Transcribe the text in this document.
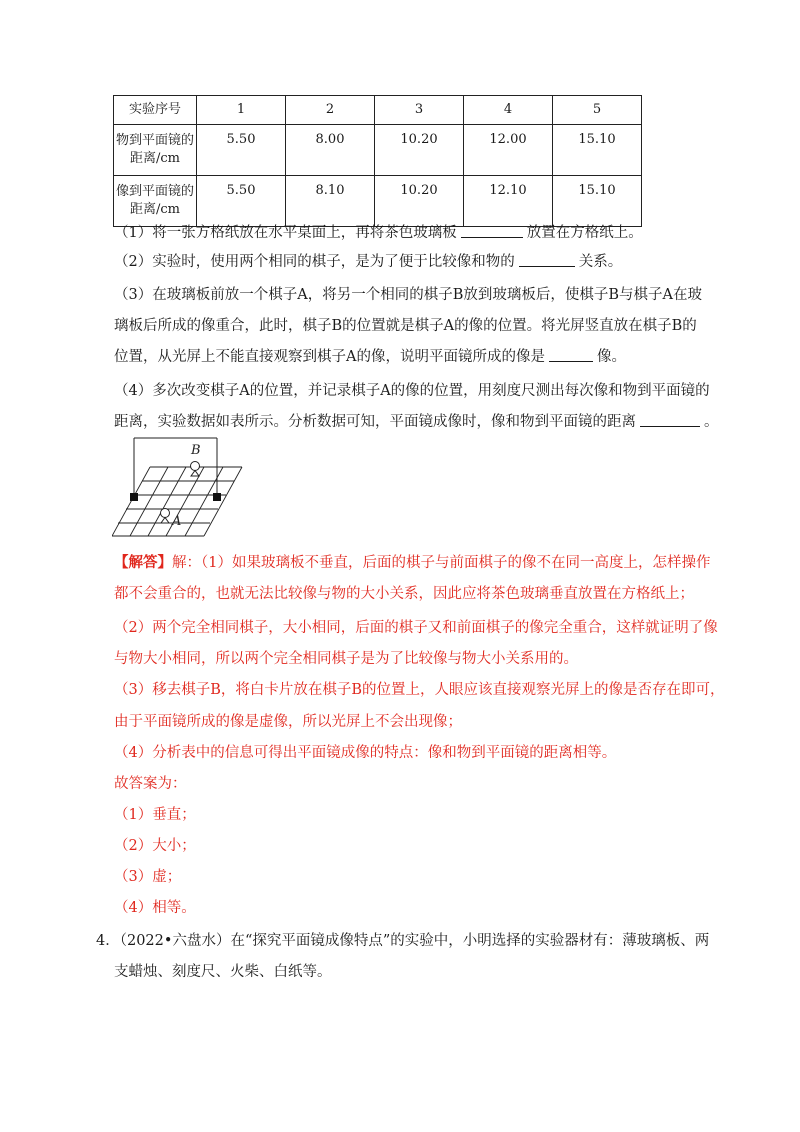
实验序号	1	2	3	4	5

物到平面镜的
距离/cm	5.50	8.00	10.20	12.00	15.10

像到平面镜的
距离/cm	5.50	8.10	10.20	12.10	15.10
（1）将一张方格纸放在水平桌面上，再将茶色玻璃板	放置在方格纸上。
（2）实验时，使用两个相同的棋子，是为了便于比较像和物的	关系。
（3）在玻璃板前放一个棋子A，将另一个相同的棋子B放到玻璃板后，使棋子B与棋子A在玻
璃板后所成的像重合，此时，棋子B的位置就是棋子A的像的位置。将光屏竖直放在棋子B的
位置，从光屏上不能直接观察到棋子A的像，说明平面镜所成的像是	像。
（4）多次改变棋子A的位置，并记录棋子A的像的位置，用刻度尺测出每次像和物到平面镜的
距离，实验数据如表所示。分析数据可知，平面镜成像时，像和物到平面镜的距离	。
B
A
【解答】解：（1）如果玻璃板不垂直，后面的棋子与前面棋子的像不在同一高度上，怎样操作
都不会重合的，也就无法比较像与物的大小关系，因此应将茶色玻璃垂直放置在方格纸上；
（2）两个完全相同棋子，大小相同，后面的棋子又和前面棋子的像完全重合，这样就证明了像
与物大小相同，所以两个完全相同棋子是为了比较像与物大小关系用的。
（3）移去棋子B，将白卡片放在棋子B的位置上，人眼应该直接观察光屏上的像是否存在即可，
由于平面镜所成的像是虚像，所以光屏上不会出现像；
（4）分析表中的信息可得出平面镜成像的特点：像和物到平面镜的距离相等。
故答案为：
（1）垂直；
（2）大小；
（3）虚；
（4）相等。
4．（2022•六盘水）在“探究平面镜成像特点”的实验中，小明选择的实验器材有：薄玻璃板、两
支蜡烛、刻度尺、火柴、白纸等。
